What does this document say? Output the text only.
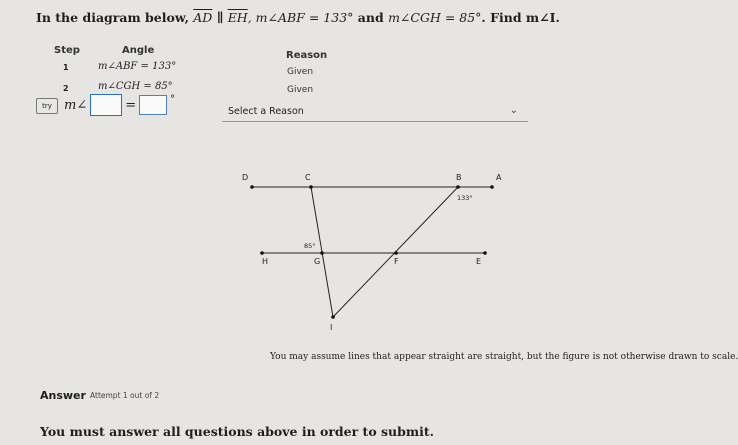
In the diagram below, $\overline{AD}$ ∥ $\overline{EH}$, m∠ABF = 133° and m∠CGH = 85°. Find m∠I.
Step	Angle	Reason
1	m∠ABF = 133°	Given
2	m∠CGH = 85°	Given
try m∠	=	°
Select a Reason	⌄
D	C	B	A
H	G	F	E
I
133°
85°
You may assume lines that appear straight are straight, but the figure is not otherwise drawn to scale.
Answer Attempt 1 out of 2
You must answer all questions above in order to submit.
